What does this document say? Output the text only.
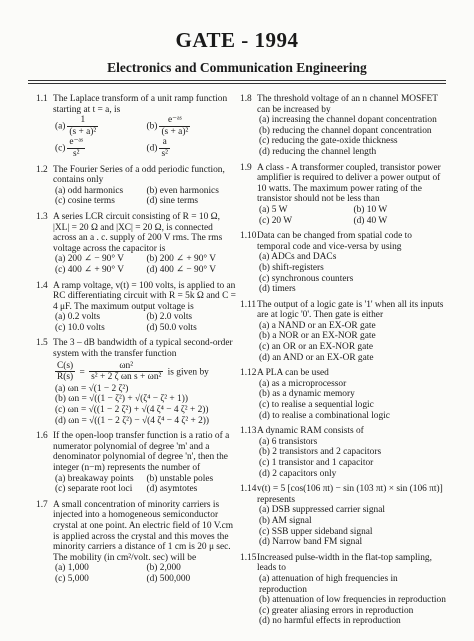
GATE - 1994
Electronics and Communication Engineering
1.1 The Laplace transform of a unit ramp function starting at t = a, is
$(a) \frac{1}{\text{(s + a)²}}$	$(b) \frac{\text{e⁻ᵃˢ}}{\text{(s + a)²}}$
$(c) \frac{\text{e⁻ᵃˢ}}{\text{s²}}$	$(d) \frac{a}{\text{s²}}$
1.2 The Fourier Series of a odd periodic function, contains only
(a) odd harmonics	(b) even harmonics
(c) cosine terms	(d) sine terms
1.3 A series LCR circuit consisting of R = 10 Ω, |XL| = 20 Ω and |XC| = 20 Ω, is connected across an a . c. supply of 200 V rms. The rms voltage across the capacitor is
(a) 200 ∠ − 90° V	(b) 200 ∠ + 90° V
(c) 400 ∠ + 90° V	(d) 400 ∠ − 90° V
1.4 A ramp voltage, v(t) = 100 volts, is applied to an RC differentiating circuit with R = 5k Ω and C = 4 μF. The maximum output voltage is
(a) 0.2 volts	(b) 2.0 volts
(c) 10.0 volts	(d) 50.0 volts
1.5 The 3 – dB bandwidth of a typical second-order system with the transfer function
$\frac{C(s)}{R(s)} = \frac{\text{ωn²}}{\text{s² + 2 ζ ωn s + ωn²}}$ is given by
(a) ωn = √(1 − 2 ζ²)
(b) ωn = √((1 − ζ²) + √(ζ⁴ − ζ² + 1))
(c) ωn = √((1 − 2 ζ²) + √(4 ζ⁴ − 4 ζ² + 2))
(d) ωn = √((1 − 2 ζ²) − √(4 ζ⁴ − 4 ζ² + 2))
1.6 If the open-loop transfer function is a ratio of a numerator polynomial of degree 'm' and a denominator polynomial of degree 'n', then the integer (n−m) represents the number of
(a) breakaway points	(b) unstable poles
(c) separate root loci	(d) asymtotes
1.7 A small concentration of minority carriers is injected into a homogeneous semiconductor crystal at one point. An electric field of 10 V.cm is applied across the crystal and this moves the minority carriers a distance of 1 cm is 20 μ sec. The mobility (in cm²/volt. sec) will be
(a) 1,000	(b) 2,000
(c) 5,000	(d) 500,000
1.8 The threshold voltage of an n channel MOSFET can be increased by
(a) increasing the channel dopant concentration
(b) reducing the channel dopant concentration
(c) reducing the gate-oxide thickness
(d) reducing the channel length
1.9 A class - A transformer coupled, transistor power amplifier is required to deliver a power output of 10 watts. The maximum power rating of the transistor should not be less than
(a) 5 W	(b) 10 W
(c) 20 W	(d) 40 W
1.10 Data can be changed from spatial code to temporal code and vice-versa by using
(a) ADCs and DACs
(b) shift-registers
(c) synchronous counters
(d) timers
1.11 The output of a logic gate is '1' when all its inputs are at logic '0'. Then gate is either
(a) a NAND or an EX-OR gate
(b) a NOR or an EX-NOR gate
(c) an OR or an EX-NOR gate
(d) an AND or an EX-OR gate
1.12 A PLA can be used
(a) as a microprocessor
(b) as a dynamic memory
(c) to realise a sequential logic
(d) to realise a combinational logic
1.13 A dynamic RAM consists of
(a) 6 transistors
(b) 2 transistors and 2 capacitors
(c) 1 transistor and 1 capacitor
(d) 2 capacitors only
1.14 v(t) = 5 [cos(106 πt) − sin (103 πt) × sin (106 πt)] represents
(a) DSB suppressed carrier signal
(b) AM signal
(c) SSB upper sideband signal
(d) Narrow band FM signal
1.15 Increased pulse-width in the flat-top sampling, leads to
(a) attenuation of high frequencies in reproduction
(b) attenuation of low frequencies in reproduction
(c) greater aliasing errors in reproduction
(d) no harmful effects in reproduction
